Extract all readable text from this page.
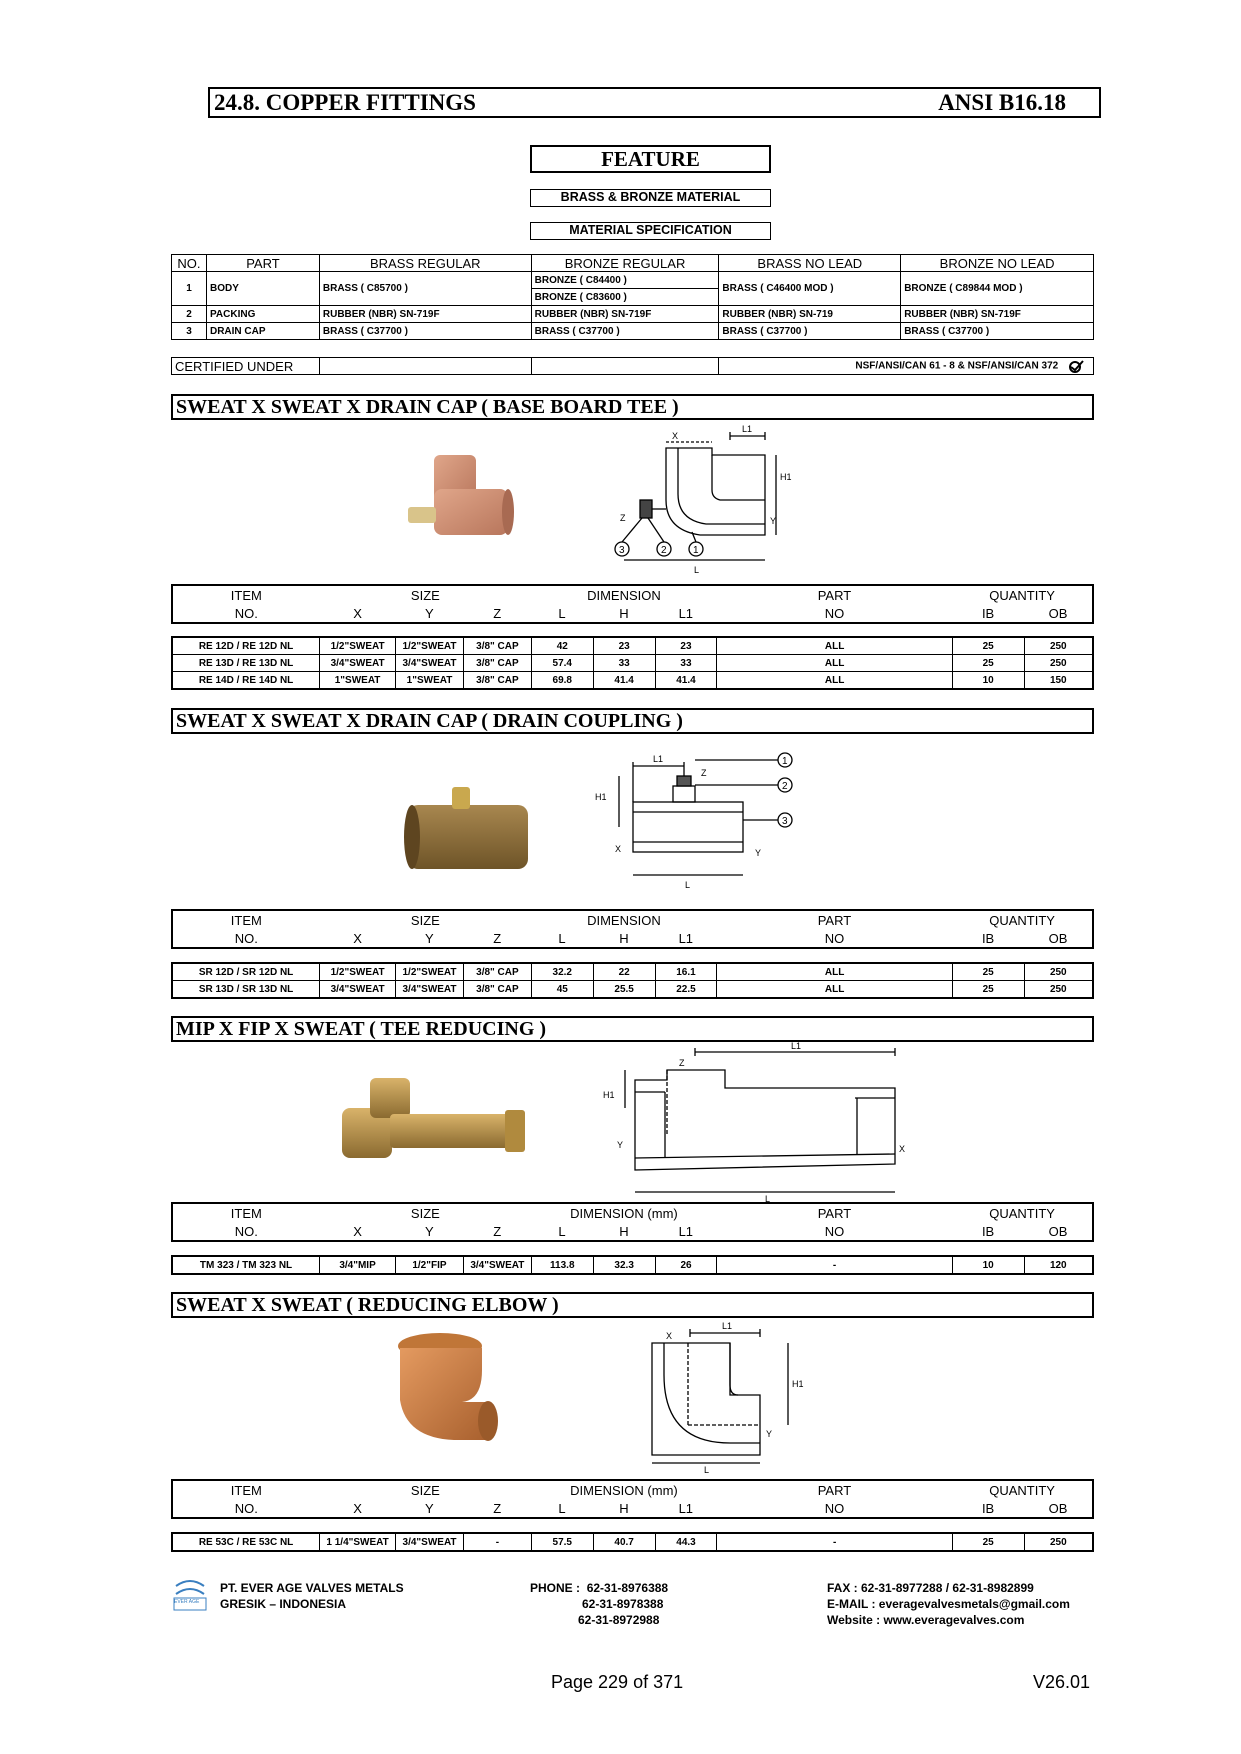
24.8. COPPER FITTINGS	ANSI B16.18
FEATURE
BRASS & BRONZE MATERIAL
MATERIAL SPECIFICATION
NO.	PART	BRASS REGULAR	BRONZE REGULAR	BRASS NO LEAD	BRONZE NO LEAD
1	BODY	BRASS ( C85700 )	BRONZE ( C84400 )	BRASS ( C46400 MOD )	BRONZE ( C89844 MOD )
			BRONZE ( C83600 )		
2	PACKING	RUBBER (NBR) SN-719F	RUBBER (NBR) SN-719F	RUBBER (NBR) SN-719	RUBBER (NBR) SN-719F
3	DRAIN CAP	BRASS ( C37700 )	BRASS ( C37700 )	BRASS ( C37700 )	BRASS ( C37700 )
CERTIFIED UNDER			NSF/ANSI/CAN 61 - 8 & NSF/ANSI/CAN 372
SWEAT X SWEAT X DRAIN CAP ( BASE BOARD TEE )
L1
X
H1
Y
Z
L
3	2	1
ITEM	SIZE			DIMENSION			PART	QUANTITY	
NO.	X	Y	Z	L	H	L1	NO	IB	OB
RE 12D / RE 12D NL	1/2"SWEAT	1/2"SWEAT	3/8" CAP	42	23	23	ALL	25	250
RE 13D / RE 13D NL	3/4"SWEAT	3/4"SWEAT	3/8" CAP	57.4	33	33	ALL	25	250
RE 14D / RE 14D NL	1"SWEAT	1"SWEAT	3/8" CAP	69.8	41.4	41.4	ALL	10	150
SWEAT X SWEAT X DRAIN CAP ( DRAIN COUPLING )
L1
Z
H1
X	Y
L
1
2
3
ITEM	SIZE			DIMENSION			PART	QUANTITY	
NO.	X	Y	Z	L	H	L1	NO	IB	OB
SR 12D / SR 12D NL	1/2"SWEAT	1/2"SWEAT	3/8" CAP	32.2	22	16.1	ALL	25	250
SR 13D / SR 13D NL	3/4"SWEAT	3/4"SWEAT	3/8" CAP	45	25.5	22.5	ALL	25	250
MIP X FIP X SWEAT ( TEE REDUCING )
L1
Z
H1
Y	X
L
ITEM	SIZE			DIMENSION (mm)			PART	QUANTITY	
NO.	X	Y	Z	L	H	L1	NO	IB	OB
TM 323 / TM 323 NL	3/4"MIP	1/2"FIP	3/4"SWEAT	113.8	32.3	26	-	10	120
SWEAT X SWEAT ( REDUCING ELBOW )
L1
X
H1
Y
L
ITEM	SIZE			DIMENSION (mm)			PART	QUANTITY	
NO.	X	Y	Z	L	H	L1	NO	IB	OB
RE 53C / RE 53C NL	1 1/4"SWEAT	3/4"SWEAT	-	57.5	40.7	44.3	-	25	250
EVER AGE
PT. EVER AGE VALVES METALS
GRESIK – INDONESIA
PHONE : 62-31-8976388
62-31-8978388
62-31-8972988
FAX : 62-31-8977288 / 62-31-8982899
E-MAIL : everagevalvesmetals@gmail.com
Website : www.everagevalves.com
Page 229 of 371	V26.01
